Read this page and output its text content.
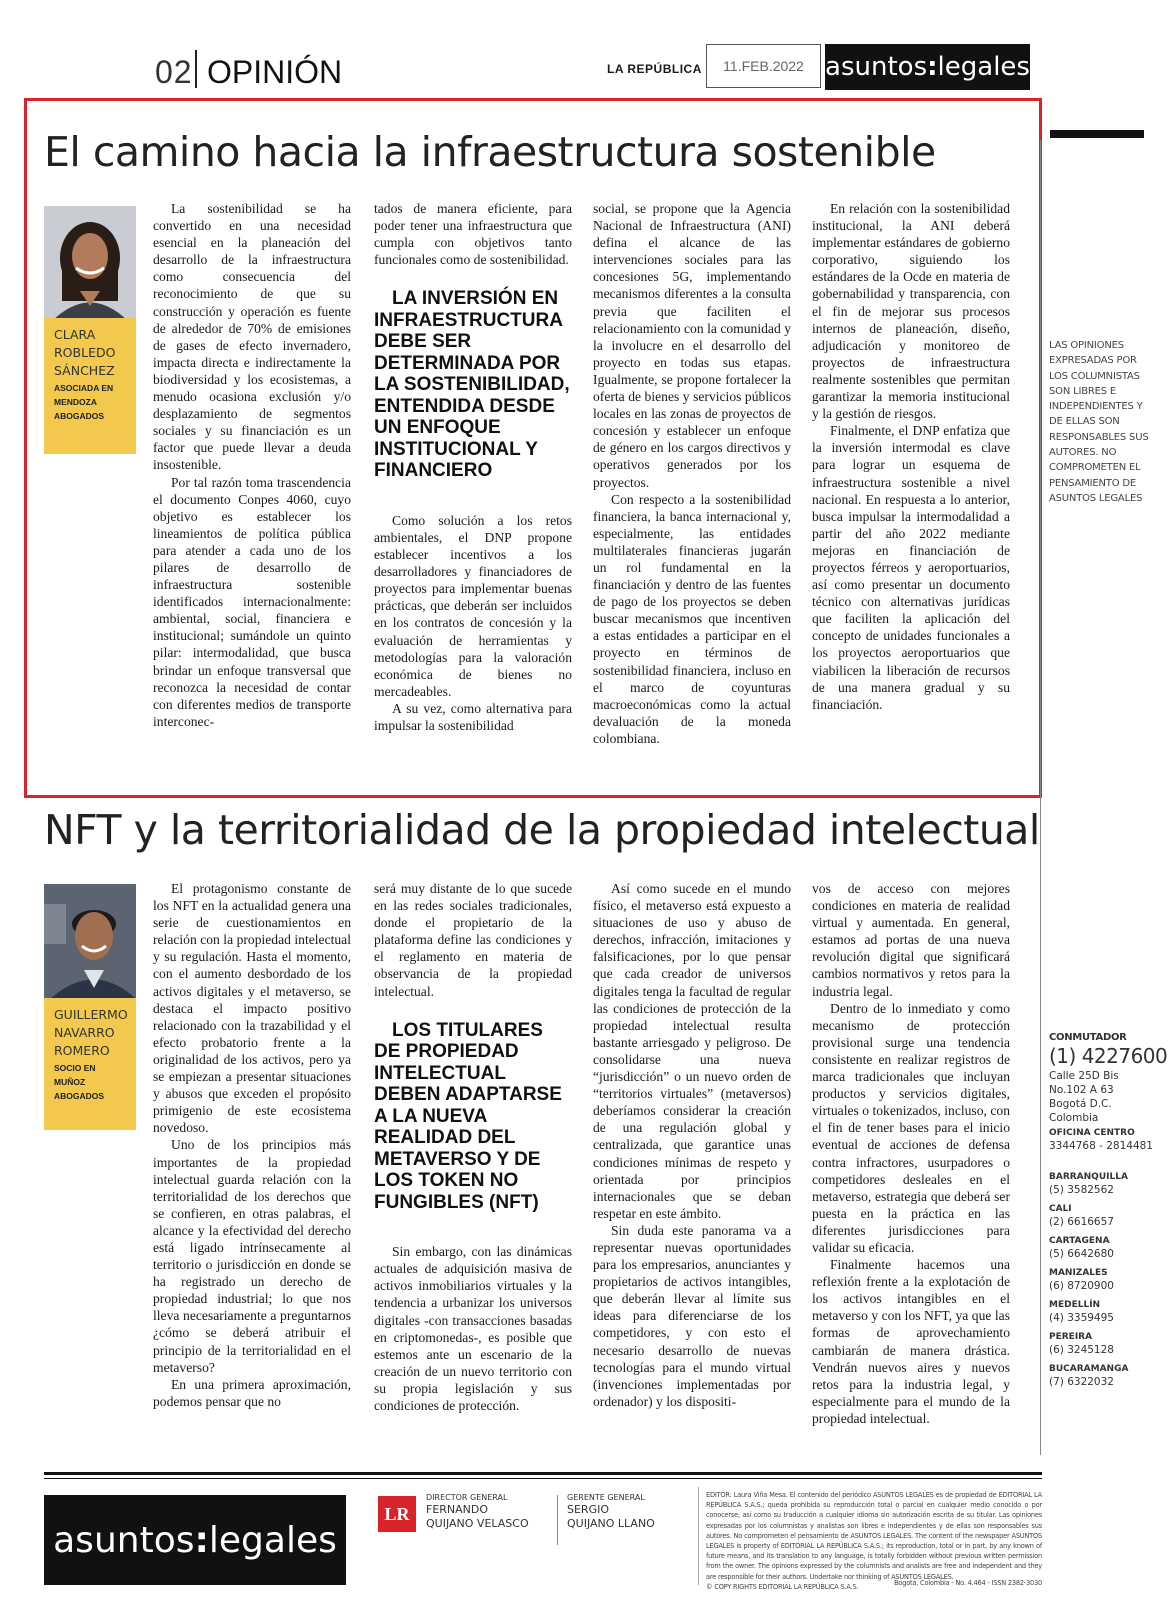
02 OPINIÓN	LA REPÚBLICA	11.FEB.2022 asuntos : legales
El camino hacia la infraestructura sostenible
CLARA
ROBLEDO
SÁNCHEZ
ASOCIADA EN
MENDOZA
ABOGADOS

La sostenibilidad se ha convertido en una necesidad esencial en la planeación del desarrollo de la infraestructura como consecuencia del reconocimiento de que su construcción y operación es fuente de alrededor de 70% de emisiones de gases de efecto invernadero, impacta directa e indirectamente la biodiversidad y los ecosistemas, a menudo ocasiona exclusión y/o desplazamiento de segmentos sociales y su financiación es un factor que puede llevar a deuda insostenible.

Por tal razón toma trascendencia el documento Conpes 4060, cuyo objetivo es establecer los lineamientos de política pública para atender a cada uno de los pilares de desarrollo de infraestructura sostenible identificados internacionalmente: ambiental, social, financiera e institucional; sumándole un quinto pilar: intermodalidad, que busca brindar un enfoque transversal que reconozca la necesidad de contar con diferentes medios de transporte interconec-

tados de manera eficiente, para poder tener una infraestructura que cumpla con objetivos tanto funcionales como de sostenibilidad.

LA INVERSIÓN EN INFRAESTRUCTURA DEBE SER DETERMINADA POR LA SOSTENIBILIDAD, ENTENDIDA DESDE UN ENFOQUE INSTITUCIONAL Y FINANCIERO

Como solución a los retos ambientales, el DNP propone establecer incentivos a los desarrolladores y financiadores de proyectos para implementar buenas prácticas, que deberán ser incluidos en los contratos de concesión y la evaluación de herramientas y metodologías para la valoración económica de bienes no mercadeables.

A su vez, como alternativa para impulsar la sostenibilidad

social, se propone que la Agencia Nacional de Infraestructura (ANI) defina el alcance de las intervenciones sociales para las concesiones 5G, implementando mecanismos diferentes a la consulta previa que faciliten el relacionamiento con la comunidad y la involucre en el desarrollo del proyecto en todas sus etapas. Igualmente, se propone fortalecer la oferta de bienes y servicios públicos locales en las zonas de proyectos de concesión y establecer un enfoque de género en los cargos directivos y operativos generados por los proyectos.

Con respecto a la sostenibilidad financiera, la banca internacional y, especialmente, las entidades multilaterales financieras jugarán un rol fundamental en la financiación y dentro de las fuentes de pago de los proyectos se deben buscar mecanismos que incentiven a estas entidades a participar en el proyecto en términos de sostenibilidad financiera, incluso en el marco de coyunturas macroeconómicas como la actual devaluación de la moneda colombiana.

En relación con la sostenibilidad institucional, la ANI deberá implementar estándares de gobierno corporativo, siguiendo los estándares de la Ocde en materia de gobernabilidad y transparencia, con el fin de mejorar sus procesos internos de planeación, diseño, adjudicación y monitoreo de proyectos de infraestructura realmente sostenibles que permitan garantizar la memoria institucional y la gestión de riesgos.

Finalmente, el DNP enfatiza que la inversión intermodal es clave para lograr un esquema de infraestructura sostenible a nivel nacional. En respuesta a lo anterior, busca impulsar la intermodalidad a partir del año 2022 mediante mejoras en financiación de proyectos férreos y aeroportuarios, así como presentar un documento técnico con alternativas jurídicas que faciliten la aplicación del concepto de unidades funcionales a los proyectos aeroportuarios que viabilicen la liberación de recursos de una manera gradual y su financiación.

LAS OPINIONES
EXPRESADAS POR
LOS COLUMNISTAS
SON LIBRES E
INDEPENDIENTES Y
DE ELLAS SON
RESPONSABLES SUS
AUTORES. NO
COMPROMETEN EL
PENSAMIENTO DE
ASUNTOS LEGALES
NFT y la territorialidad de la propiedad intelectual
GUILLERMO
NAVARRO
ROMERO
SOCIO EN
MUÑOZ
ABOGADOS

El protagonismo constante de los NFT en la actualidad genera una serie de cuestionamientos en relación con la propiedad intelectual y su regulación. Hasta el momento, con el aumento desbordado de los activos digitales y el metaverso, se destaca el impacto positivo relacionado con la trazabilidad y el efecto probatorio frente a la originalidad de los activos, pero ya se empiezan a presentar situaciones y abusos que exceden el propósito primigenio de este ecosistema novedoso.

Uno de los principios más importantes de la propiedad intelectual guarda relación con la territorialidad de los derechos que se confieren, en otras palabras, el alcance y la efectividad del derecho está ligado intrínsecamente al territorio o jurisdicción en donde se ha registrado un derecho de propiedad industrial; lo que nos lleva necesariamente a preguntarnos ¿cómo se deberá atribuir el principio de la territorialidad en el metaverso?

En una primera aproximación, podemos pensar que no

será muy distante de lo que sucede en las redes sociales tradicionales, donde el propietario de la plataforma define las condiciones y el reglamento en materia de observancia de la propiedad intelectual.

LOS TITULARES DE PROPIEDAD INTELECTUAL DEBEN ADAPTARSE A LA NUEVA REALIDAD DEL METAVERSO Y DE LOS TOKEN NO FUNGIBLES (NFT)

Sin embargo, con las dinámicas actuales de adquisición masiva de activos inmobiliarios virtuales y la tendencia a urbanizar los universos digitales -con transacciones basadas en criptomonedas-, es posible que estemos ante un escenario de la creación de un nuevo territorio con su propia legislación y sus condiciones de protección.

Así como sucede en el mundo físico, el metaverso está expuesto a situaciones de uso y abuso de derechos, infracción, imitaciones y falsificaciones, por lo que pensar que cada creador de universos digitales tenga la facultad de regular las condiciones de protección de la propiedad intelectual resulta bastante arriesgado y peligroso. De consolidarse una nueva “jurisdicción” o un nuevo orden de “territorios virtuales” (metaversos) deberíamos considerar la creación de una regulación global y centralizada, que garantice unas condiciones mínimas de respeto y orientada por principios internacionales que se deban respetar en este ámbito.

Sin duda este panorama va a representar nuevas oportunidades para los empresarios, anunciantes y propietarios de activos intangibles, que deberán llevar al límite sus ideas para diferenciarse de los competidores, y con esto el necesario desarrollo de nuevas tecnologías para el mundo virtual (invenciones implementadas por ordenador) y los dispositi-

vos de acceso con mejores condiciones en materia de realidad virtual y aumentada. En general, estamos ad portas de una nueva revolución digital que significará cambios normativos y retos para la industria legal.

Dentro de lo inmediato y como mecanismo de protección provisional surge una tendencia consistente en realizar registros de marca tradicionales que incluyan productos y servicios digitales, virtuales o tokenizados, incluso, con el fin de tener bases para el inicio eventual de acciones de defensa contra infractores, usurpadores o competidores desleales en el metaverso, estrategia que deberá ser puesta en la práctica en las diferentes jurisdicciones para validar su eficacia.

Finalmente hacemos una reflexión frente a la explotación de los activos intangibles en el metaverso y con los NFT, ya que las formas de aprovechamiento cambiarán de manera drástica. Vendrán nuevos aires y nuevos retos para la industria legal, y especialmente para el mundo de la propiedad intelectual.

CONMUTADOR
(1) 4227600
Calle 25D Bis
No.102 A 63
Bogotá D.C.
Colombia
OFICINA CENTRO
3344768 - 2814481
BARRANQUILLA
(5) 3582562
CALI
(2) 6616657
CARTAGENA
(5) 6642680
MANIZALES
(6) 8720900
MEDELLÍN
(4) 3359495
PEREIRA
(6) 3245128
BUCARAMANGA
(7) 6322032
asuntos : legales
LR
DIRECTOR GENERAL
FERNANDO
QUIJANO VELASCO
GERENTE GENERAL
SERGIO
QUIJANO LLANO
EDITOR: Laura Viña Mesa. El contenido del periódico ASUNTOS LEGALES es de propiedad de EDITORIAL LA REPÚBLICA S.A.S.; queda prohibida su reproducción total o parcial en cualquier medio conocido o por conocerse, así como su traducción a cualquier idioma sin autorización escrita de su titular. Las opiniones expresadas por los columnistas y analistas son libres e independientes y de ellas son responsables sus autores. No comprometen el pensamiento de ASUNTOS LEGALES. The content of the newspaper ASUNTOS LEGALES is property of EDITORIAL LA REPÚBLICA S.A.S.; its reproduction, total or in part, by any known of future means, and its translation to any language, is totally forbidden without previous written permission from the owner. The opinions expressed by the columnists and analists are free and independent and they are responsible for their authors. Undertake nor thinking of ASUNTOS LEGALES.
© COPY RIGHTS EDITORIAL LA REPÚBLICA S.A.S.	Bogotá, Colombia - No. 4.464 - ISSN 2382-3030
